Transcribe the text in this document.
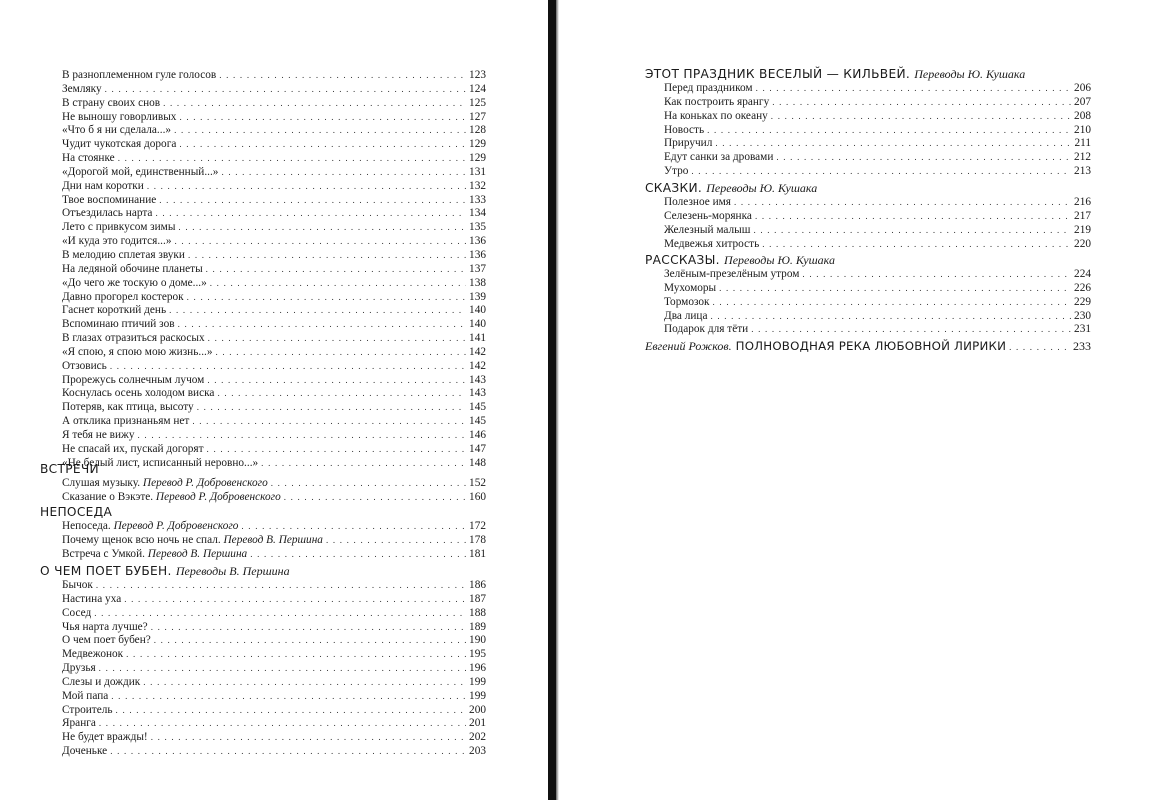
В разноплеменном гуле голосов . . .	123
Земляку . . .	124
В страну своих снов . . .	125
Не выношу говорливых . . .	127
«Что б я ни сделала...» . . .	128
Чудит чукотская дорога . . .	129
На стоянке . . .	129
«Дорогой мой, единственный...» . . .	131
Дни нам коротки . . .	132
Твое воспоминание . . .	133
Отъездилась нарта . . .	134
Лето с привкусом зимы . . .	135
«И куда это годится...» . . .	136
В мелодию сплетая звуки . . .	136
На ледяной обочине планеты . . .	137
«До чего же тоскую о доме...» . . .	138
Давно прогорел костерок . . .	139
Гаснет короткий день . . .	140
Вспоминаю птичий зов . . .	140
В глазах отразиться раскосых . . .	141
«Я спою, я спою мою жизнь...» . . .	142
Отзовись . . .	142
Прорежусь солнечным лучом . . .	143
Коснулась осень холодом виска . . .	143
Потеряв, как птица, высоту . . .	145
А отклика признаньям нет . . .	145
Я тебя не вижу . . .	146
Не спасай их, пускай догорят . . .	147
«Не белый лист, исписанный неровно...» . . .	148
ВСТРЕЧИ
Слушая музыку. Перевод Р. Добровенского . . .	152
Сказание о Вэкэте. Перевод Р. Добровенского . . .	160
НЕПОСЕДА
Непоседа. Перевод Р. Добровенского . . .	172
Почему щенок всю ночь не спал. Перевод В. Першина . . .	178
Встреча с Умкой. Перевод В. Першина . . .	181
О ЧЕМ ПОЕТ БУБЕН. Переводы В. Першина
Бычок . . .	186
Настина уха . . .	187
Сосед . . .	188
Чья нарта лучше? . . .	189
О чем поет бубен? . . .	190
Медвежонок . . .	195
Друзья . . .	196
Слезы и дождик . . .	199
Мой папа . . .	199
Строитель . . .	200
Яранга . . .	201
Не будет вражды! . . .	202
Доченьке . . .	203
ЭТОТ ПРАЗДНИК ВЕСЕЛЫЙ — КИЛЬВЕЙ. Переводы Ю. Кушака
Перед праздником . . .	206
Как построить ярангу . . .	207
На коньках по океану . . .	208
Новость . . .	210
Приручил . . .	211
Едут санки за дровами . . .	212
Утро . . .	213
СКАЗКИ. Переводы Ю. Кушака
Полезное имя . . .	216
Селезень-морянка . . .	217
Железный малыш . . .	219
Медвежья хитрость . . .	220
РАССКАЗЫ. Переводы Ю. Кушака
Зелёным-презелёным утром . . .	224
Мухоморы . . .	226
Тормозок . . .	229
Два лица . . .	230
Подарок для тёти . . .	231
Евгений Рожков. ПОЛНОВОДНАЯ РЕКА ЛЮБОВНОЙ ЛИРИКИ . . .	233
